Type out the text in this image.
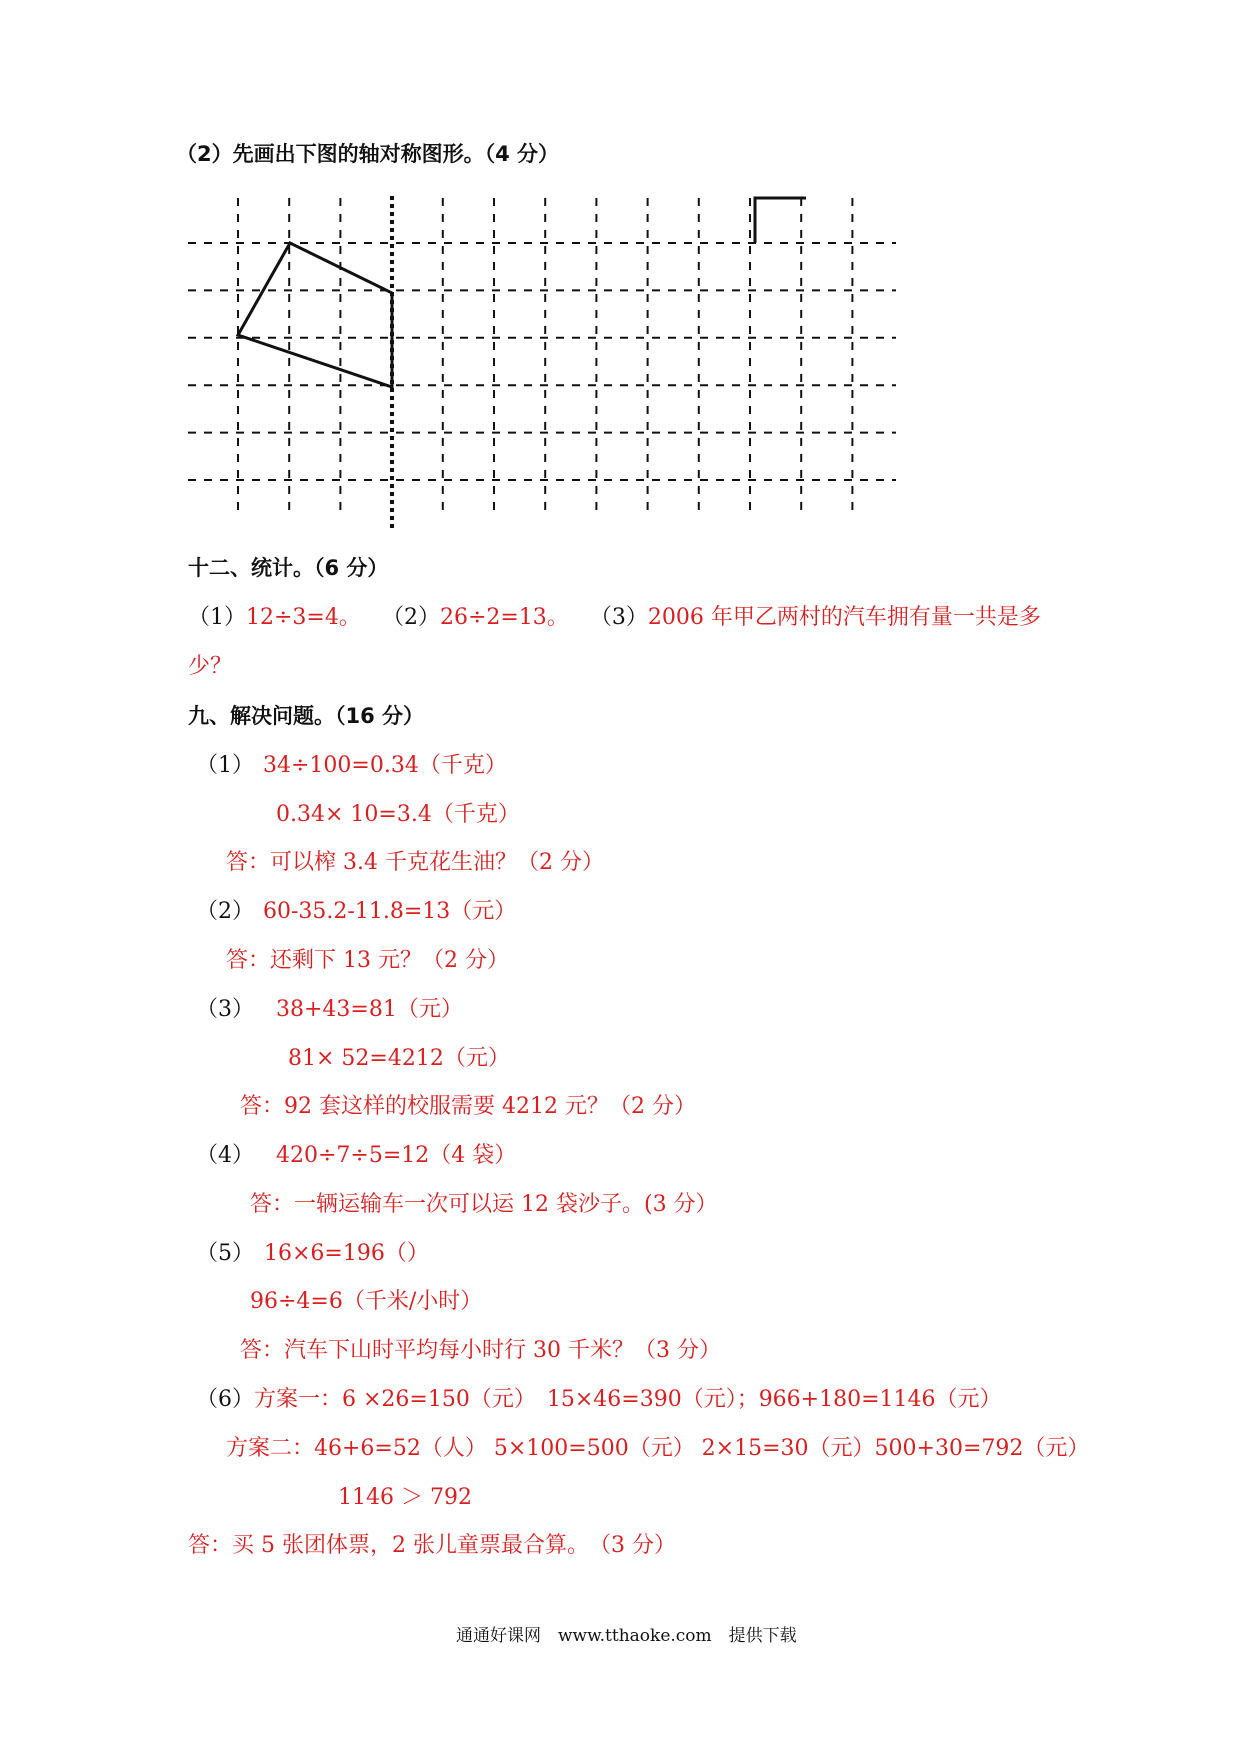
（2）先画出下图的轴对称图形。（4 分）
十二、统计。（6 分）
（1）12÷3=4。 （2）26÷2=13。 （3）2006 年甲乙两村的汽车拥有量一共是多
少？
九、解决问题。（16 分）
（1） 34÷100=0.34（千克）
0.34× 10=3.4（千克）
答：可以榨 3.4 千克花生油？（2 分）
（2） 60-35.2-11.8=13（元）
答：还剩下 13 元？（2 分）
（3） 38+43=81（元）
81× 52=4212（元）
答：92 套这样的校服需要 4212 元？（2 分）
（4） 420÷7÷5=12（4 袋）
答：一辆运输车一次可以运 12 袋沙子。(3 分）
（5） 16×6=196（）
96÷4=6（千米/小时）
答：汽车下山时平均每小时行 30 千米？（3 分）
（6）方案一：6 ×26=150（元）　15×46=390（元）；966+180=1146（元）
方案二：46+6=52（人） 5×100=500（元） 2×15=30（元）500+30=792（元）
1146 ＞ 792
答：买 5 张团体票，2 张儿童票最合算。　（3 分）
通通好课网　www.tthaoke.com　提供下载
